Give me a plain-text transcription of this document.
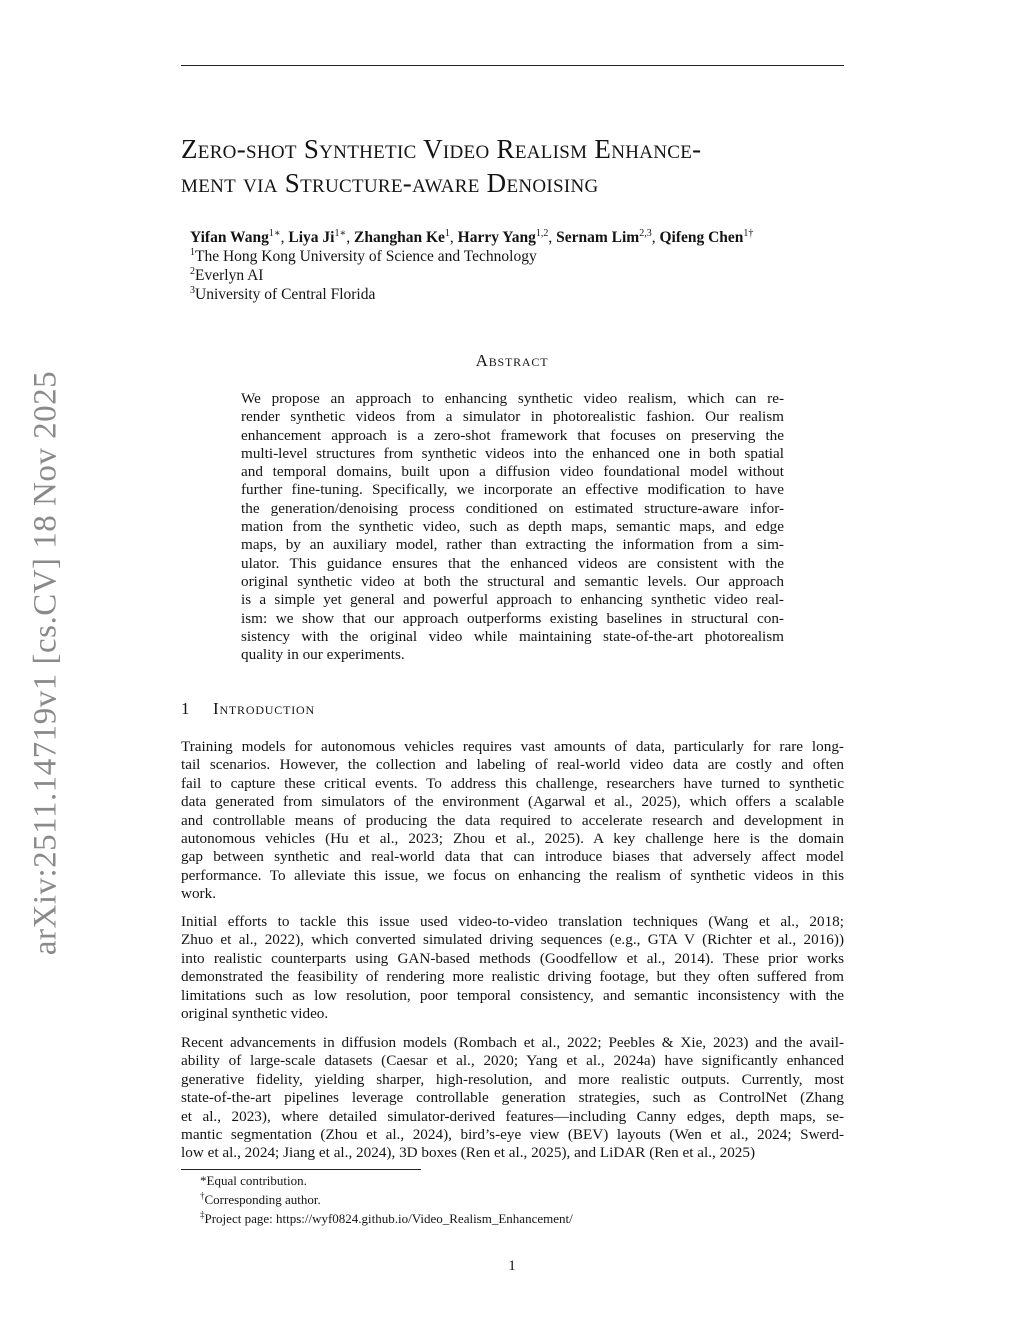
arXiv:2511.14719v1 [cs.CV] 18 Nov 2025
Zero-shot Synthetic Video Realism Enhance-
ment via Structure-aware Denoising
Yifan Wang$^{1∗}$, Liya $Ji^{1∗}$, Zhanghan Ke$^1$, Harry Yang$^{1,2}$, Sernam Lim$^{2,3}$, Qifeng Chen$^{1\dagger}$
$^1$The Hong Kong University of Science and Technology
$^2$Everlyn AI
$^3$University of Central Florida
Abstract
We propose an approach to enhancing synthetic video realism, which can re-
render synthetic videos from a simulator in photorealistic fashion. Our realism
enhancement approach is a zero-shot framework that focuses on preserving the
multi-level structures from synthetic videos into the enhanced one in both spatial
and temporal domains, built upon a diffusion video foundational model without
further fine-tuning. Specifically, we incorporate an effective modification to have
the generation/denoising process conditioned on estimated structure-aware infor-
mation from the synthetic video, such as depth maps, semantic maps, and edge
maps, by an auxiliary model, rather than extracting the information from a sim-
ulator. This guidance ensures that the enhanced videos are consistent with the
original synthetic video at both the structural and semantic levels. Our approach
is a simple yet general and powerful approach to enhancing synthetic video real-
ism: we show that our approach outperforms existing baselines in structural con-
sistency with the original video while maintaining state-of-the-art photorealism
quality in our experiments.
1 Introduction
Training models for autonomous vehicles requires vast amounts of data, particularly for rare long-
tail scenarios. However, the collection and labeling of real-world video data are costly and often
fail to capture these critical events. To address this challenge, researchers have turned to synthetic
data generated from simulators of the environment (Agarwal et al., 2025), which offers a scalable
and controllable means of producing the data required to accelerate research and development in
autonomous vehicles (Hu et al., 2023; Zhou et al., 2025). A key challenge here is the domain
gap between synthetic and real-world data that can introduce biases that adversely affect model
performance. To alleviate this issue, we focus on enhancing the realism of synthetic videos in this
work.
Initial efforts to tackle this issue used video-to-video translation techniques (Wang et al., 2018;
Zhuo et al., 2022), which converted simulated driving sequences (e.g., GTA V (Richter et al., 2016))
into realistic counterparts using GAN-based methods (Goodfellow et al., 2014). These prior works
demonstrated the feasibility of rendering more realistic driving footage, but they often suffered from
limitations such as low resolution, poor temporal consistency, and semantic inconsistency with the
original synthetic video.
Recent advancements in diffusion models (Rombach et al., 2022; Peebles & Xie, 2023) and the avail-
ability of large-scale datasets (Caesar et al., 2020; Yang et al., 2024a) have significantly enhanced
generative fidelity, yielding sharper, high-resolution, and more realistic outputs. Currently, most
state-of-the-art pipelines leverage controllable generation strategies, such as ControlNet (Zhang
et al., 2023), where detailed simulator-derived features—including Canny edges, depth maps, se-
mantic segmentation (Zhou et al., 2024), bird’s-eye view (BEV) layouts (Wen et al., 2024; Swerd-
low et al., 2024; Jiang et al., 2024), 3D boxes (Ren et al., 2025), and LiDAR (Ren et al., 2025)
*Equal contribution.
†Corresponding author.
‡Project page: https://wyf0824.github.io/Video_Realism_Enhancement/
1
